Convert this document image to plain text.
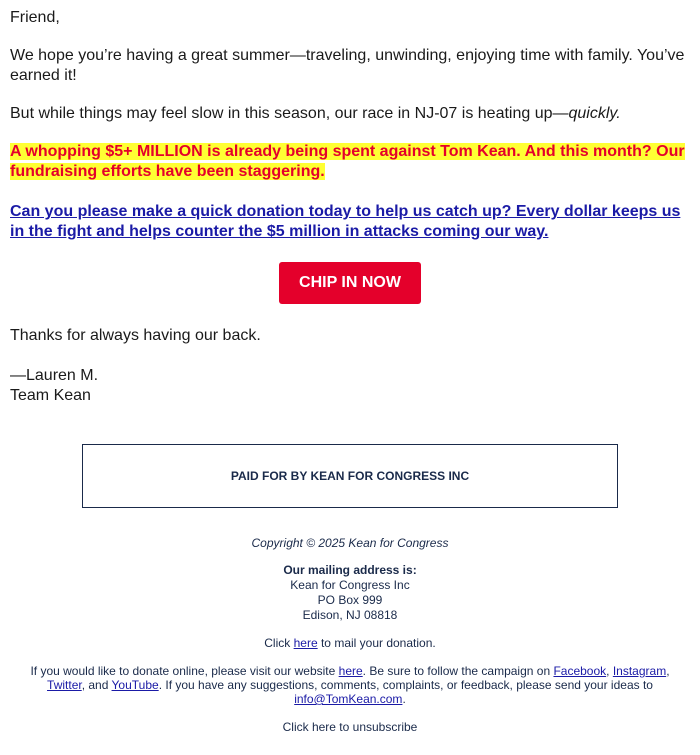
Friend,

We hope you’re having a great summer—traveling, unwinding, enjoying time with family. You’ve earned it!

But while things may feel slow in this season, our race in NJ-07 is heating up—quickly.

A whopping $5+ MILLION is already being spent against Tom Kean. And this month? Our fundraising efforts have been staggering.
Can you please make a quick donation today to help us catch up? Every dollar keeps us in the fight and helps counter the $5 million in attacks coming our way.
CHIP IN NOW

Thanks for always having our back.

—Lauren M.

Team Kean

PAID FOR BY KEAN FOR CONGRESS INC
Copyright © 2025 Kean for Congress
Our mailing address is:
Kean for Congress Inc
PO Box 999
Edison, NJ 08818
Click here to mail your donation.
If you would like to donate online, please visit our website here. Be sure to follow the campaign on Facebook, Instagram, Twitter, and YouTube. If you have any suggestions, comments, complaints, or feedback, please send your ideas to info@TomKean.com.
Click here to unsubscribe
